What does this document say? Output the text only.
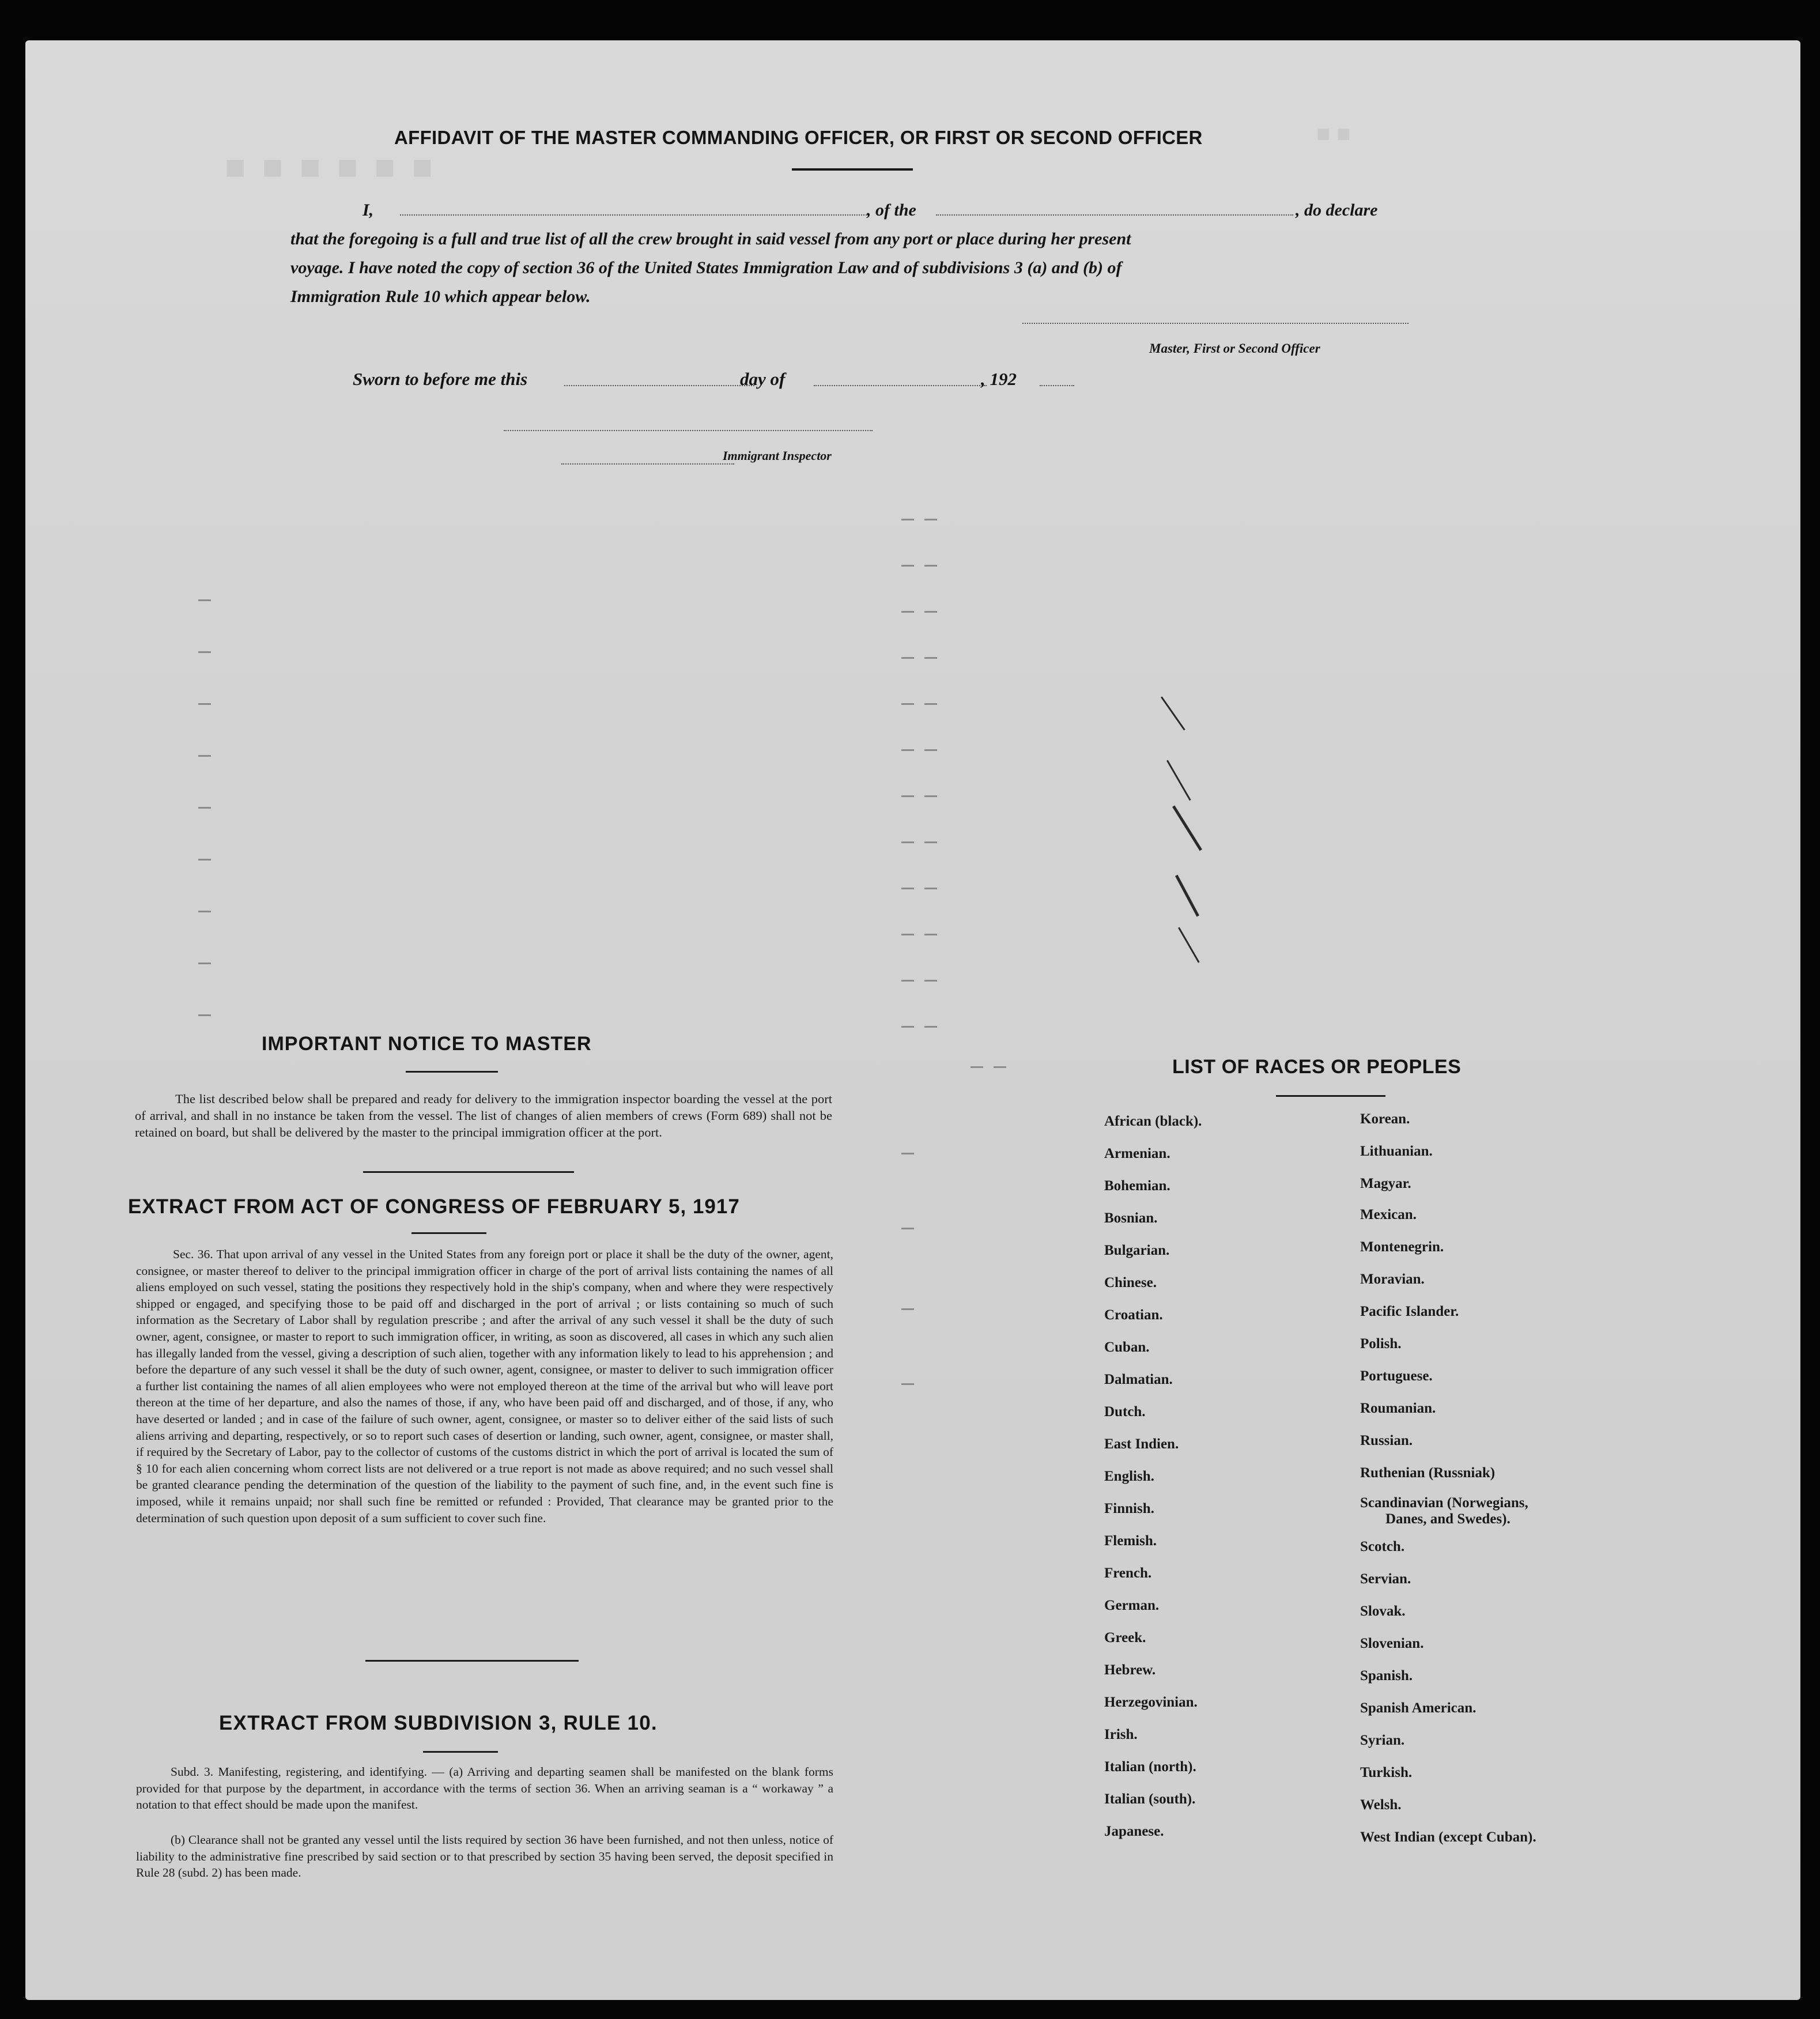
■ ■ ■ ■ ■ ■
■ ■
AFFIDAVIT OF THE MASTER COMMANDING OFFICER, OR FIRST OR SECOND OFFICER
I,	, of the	, do declare
that the foregoing is a full and true list of all the crew brought in said vessel from any port or place during her present
voyage. I have noted the copy of section 36 of the United States Immigration Law and of subdivisions 3 (a) and (b) of
Immigration Rule 10 which appear below.
Master, First or Second Officer
Sworn to before me this	day of	, 192
Immigrant Inspector
IMPORTANT NOTICE TO MASTER
The list described below shall be prepared and ready for delivery to the immigration inspector boarding the vessel at the port of arrival, and shall in no instance be taken from the vessel. The list of changes of alien members of crews (Form 689) shall not be retained on board, but shall be delivered by the master to the principal immigration officer at the port.
EXTRACT FROM ACT OF CONGRESS OF FEBRUARY 5, 1917
Sec. 36. That upon arrival of any vessel in the United States from any foreign port or place it shall be the duty of the owner, agent, consignee, or master thereof to deliver to the principal immigration officer in charge of the port of arrival lists containing the names of all aliens employed on such vessel, stating the positions they respectively hold in the ship's company, when and where they were respectively shipped or engaged, and specifying those to be paid off and discharged in the port of arrival ; or lists containing so much of such information as the Secretary of Labor shall by regulation prescribe ; and after the arrival of any such vessel it shall be the duty of such owner, agent, consignee, or master to report to such immigration officer, in writing, as soon as discovered, all cases in which any such alien has illegally landed from the vessel, giving a description of such alien, together with any information likely to lead to his apprehension ; and before the departure of any such vessel it shall be the duty of such owner, agent, consignee, or master to deliver to such immigration officer a further list containing the names of all alien employees who were not employed thereon at the time of the arrival but who will leave port thereon at the time of her departure, and also the names of those, if any, who have been paid off and discharged, and of those, if any, who have deserted or landed ; and in case of the failure of such owner, agent, consignee, or master so to deliver either of the said lists of such aliens arriving and departing, respectively, or so to report such cases of desertion or landing, such owner, agent, consignee, or master shall, if required by the Secretary of Labor, pay to the collector of customs of the customs district in which the port of arrival is located the sum of § 10 for each alien concerning whom correct lists are not delivered or a true report is not made as above required; and no such vessel shall be granted clearance pending the determination of the question of the liability to the payment of such fine, and, in the event such fine is imposed, while it remains unpaid; nor shall such fine be remitted or refunded : Provided, That clearance may be granted prior to the determination of such question upon deposit of a sum sufficient to cover such fine.
EXTRACT FROM SUBDIVISION 3, RULE 10.
Subd. 3. Manifesting, registering, and identifying. — (a) Arriving and departing seamen shall be manifested on the blank forms provided for that purpose by the department, in accordance with the terms of section 36. When an arriving seaman is a “ workaway ” a notation to that effect should be made upon the manifest.
(b) Clearance shall not be granted any vessel until the lists required by section 36 have been furnished, and not then unless, notice of liability to the administrative fine prescribed by said section or to that prescribed by section 35 having been served, the deposit specified in Rule 28 (subd. 2) has been made.
LIST OF RACES OR PEOPLES
African (black).
Armenian.
Bohemian.
Bosnian.
Bulgarian.
Chinese.
Croatian.
Cuban.
Dalmatian.
Dutch.
East Indien.
English.
Finnish.
Flemish.
French.
German.
Greek.
Hebrew.
Herzegovinian.
Irish.
Italian (north).
Italian (south).
Japanese.
Korean.
Lithuanian.
Magyar.
Mexican.
Montenegrin.
Moravian.
Pacific Islander.
Polish.
Portuguese.
Roumanian.
Russian.
Ruthenian (Russniak)
Scandinavian (Norwegians,
Danes, and Swedes).
Scotch.
Servian.
Slovak.
Slovenian.
Spanish.
Spanish American.
Syrian.
Turkish.
Welsh.
West Indian (except Cuban).
